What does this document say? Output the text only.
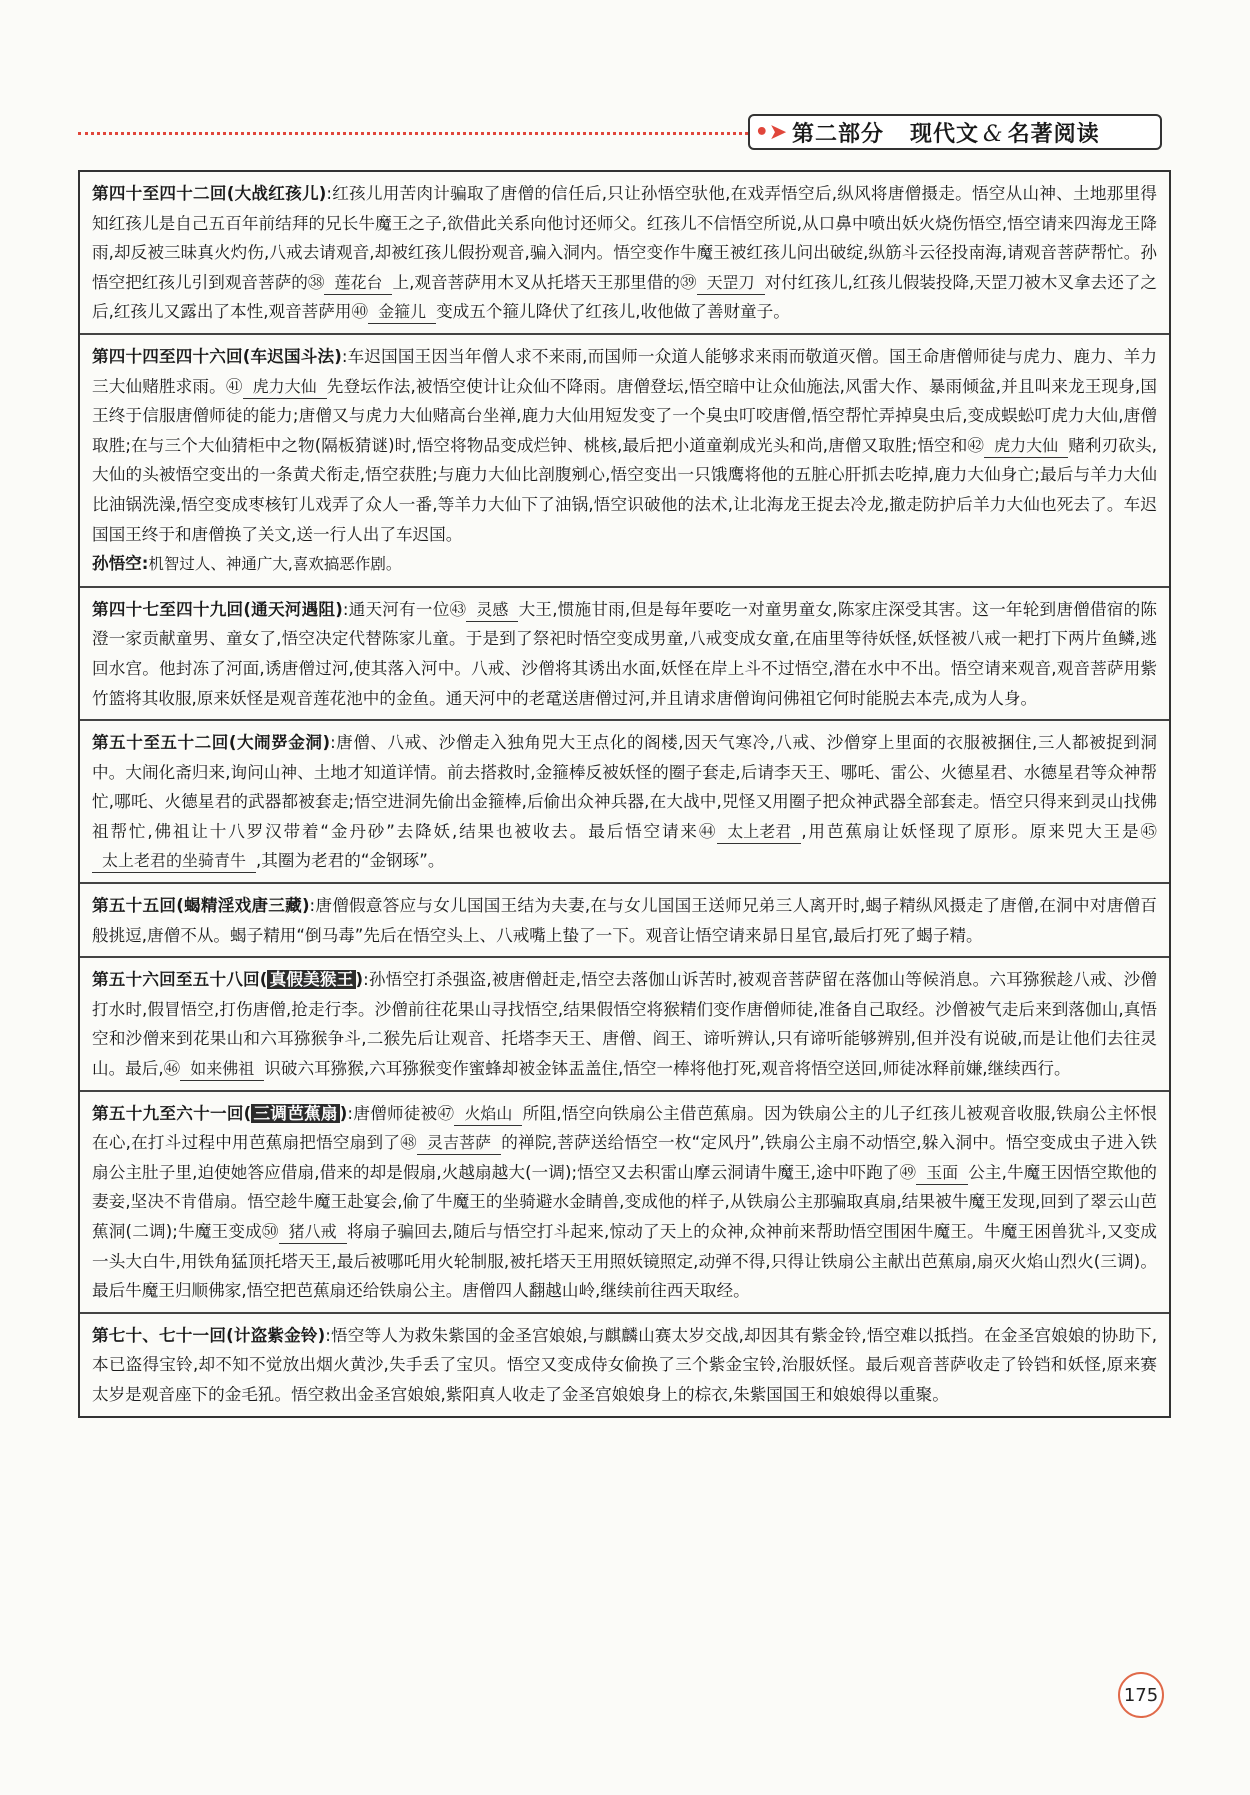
•➤ 第二部分 现代文 & 名著阅读
第四十至四十二回(大战红孩儿):红孩儿用苦肉计骗取了唐僧的信任后,只让孙悟空驮他,在戏弄悟空后,纵风将唐僧摄走。悟空从山神、土地那里得知红孩儿是自己五百年前结拜的兄长牛魔王之子,欲借此关系向他讨还师父。红孩儿不信悟空所说,从口鼻中喷出妖火烧伤悟空,悟空请来四海龙王降雨,却反被三昧真火灼伤,八戒去请观音,却被红孩儿假扮观音,骗入洞内。悟空变作牛魔王被红孩儿问出破绽,纵筋斗云径投南海,请观音菩萨帮忙。孙悟空把红孩儿引到观音菩萨的㊳ 莲花台 上,观音菩萨用木叉从托塔天王那里借的㊴ 天罡刀 对付红孩儿,红孩儿假装投降,天罡刀被木叉拿去还了之后,红孩儿又露出了本性,观音菩萨用㊵ 金箍儿 变成五个箍儿降伏了红孩儿,收他做了善财童子。
第四十四至四十六回(车迟国斗法):车迟国国王因当年僧人求不来雨,而国师一众道人能够求来雨而敬道灭僧。国王命唐僧师徒与虎力、鹿力、羊力三大仙赌胜求雨。㊶ 虎力大仙 先登坛作法,被悟空使计让众仙不降雨。唐僧登坛,悟空暗中让众仙施法,风雷大作、暴雨倾盆,并且叫来龙王现身,国王终于信服唐僧师徒的能力;唐僧又与虎力大仙赌高台坐禅,鹿力大仙用短发变了一个臭虫叮咬唐僧,悟空帮忙弄掉臭虫后,变成蜈蚣叮虎力大仙,唐僧取胜;在与三个大仙猜柜中之物(隔板猜谜)时,悟空将物品变成烂钟、桃核,最后把小道童剃成光头和尚,唐僧又取胜;悟空和㊷ 虎力大仙 赌利刃砍头,大仙的头被悟空变出的一条黄犬衔走,悟空获胜;与鹿力大仙比剖腹剜心,悟空变出一只饿鹰将他的五脏心肝抓去吃掉,鹿力大仙身亡;最后与羊力大仙比油锅洗澡,悟空变成枣核钉儿戏弄了众人一番,等羊力大仙下了油锅,悟空识破他的法术,让北海龙王捉去冷龙,撤走防护后羊力大仙也死去了。车迟国国王终于和唐僧换了关文,送一行人出了车迟国。
孙悟空:机智过人、神通广大,喜欢搞恶作剧。
第四十七至四十九回(通天河遇阻):通天河有一位㊸ 灵感 大王,惯施甘雨,但是每年要吃一对童男童女,陈家庄深受其害。这一年轮到唐僧借宿的陈澄一家贡献童男、童女了,悟空决定代替陈家儿童。于是到了祭祀时悟空变成男童,八戒变成女童,在庙里等待妖怪,妖怪被八戒一耙打下两片鱼鳞,逃回水宫。他封冻了河面,诱唐僧过河,使其落入河中。八戒、沙僧将其诱出水面,妖怪在岸上斗不过悟空,潜在水中不出。悟空请来观音,观音菩萨用紫竹篮将其收服,原来妖怪是观音莲花池中的金鱼。通天河中的老鼋送唐僧过河,并且请求唐僧询问佛祖它何时能脱去本壳,成为人身。
第五十至五十二回(大闹㖾金洞):唐僧、八戒、沙僧走入独角兕大王点化的阁楼,因天气寒冷,八戒、沙僧穿上里面的衣服被捆住,三人都被捉到洞中。大闹化斋归来,询问山神、土地才知道详情。前去搭救时,金箍棒反被妖怪的圈子套走,后请李天王、哪吒、雷公、火德星君、水德星君等众神帮忙,哪吒、火德星君的武器都被套走;悟空进洞先偷出金箍棒,后偷出众神兵器,在大战中,兕怪又用圈子把众神武器全部套走。悟空只得来到灵山找佛祖帮忙,佛祖让十八罗汉带着“金丹砂”去降妖,结果也被收去。最后悟空请来㊹ 太上老君 ,用芭蕉扇让妖怪现了原形。原来兕大王是㊺太上老君的坐骑青牛 ,其圈为老君的“金钢琢”。
第五十五回(蝎精淫戏唐三藏):唐僧假意答应与女儿国国王结为夫妻,在与女儿国国王送师兄弟三人离开时,蝎子精纵风摄走了唐僧,在洞中对唐僧百般挑逗,唐僧不从。蝎子精用“倒马毒”先后在悟空头上、八戒嘴上蛰了一下。观音让悟空请来昴日星官,最后打死了蝎子精。
第五十六回至五十八回( 真假美猴王 ):孙悟空打杀强盗,被唐僧赶走,悟空去落伽山诉苦时,被观音菩萨留在落伽山等候消息。六耳猕猴趁八戒、沙僧打水时,假冒悟空,打伤唐僧,抢走行李。沙僧前往花果山寻找悟空,结果假悟空将猴精们变作唐僧师徒,准备自己取经。沙僧被气走后来到落伽山,真悟空和沙僧来到花果山和六耳猕猴争斗,二猴先后让观音、托塔李天王、唐僧、阎王、谛听辨认,只有谛听能够辨别,但并没有说破,而是让他们去往灵山。最后,㊻ 如来佛祖 识破六耳猕猴,六耳猕猴变作蜜蜂却被金钵盂盖住,悟空一棒将他打死,观音将悟空送回,师徒冰释前嫌,继续西行。
第五十九至六十一回( 三调芭蕉扇 ):唐僧师徒被㊼ 火焰山 所阻,悟空向铁扇公主借芭蕉扇。因为铁扇公主的儿子红孩儿被观音收服,铁扇公主怀恨在心,在打斗过程中用芭蕉扇把悟空扇到了㊽ 灵吉菩萨 的禅院,菩萨送给悟空一枚“定风丹”,铁扇公主扇不动悟空,躲入洞中。悟空变成虫子进入铁扇公主肚子里,迫使她答应借扇,借来的却是假扇,火越扇越大(一调);悟空又去积雷山摩云洞请牛魔王,途中吓跑了㊾ 玉面 公主,牛魔王因悟空欺他的妻妾,坚决不肯借扇。悟空趁牛魔王赴宴会,偷了牛魔王的坐骑避水金睛兽,变成他的样子,从铁扇公主那骗取真扇,结果被牛魔王发现,回到了翠云山芭蕉洞(二调);牛魔王变成㊿ 猪八戒 将扇子骗回去,随后与悟空打斗起来,惊动了天上的众神,众神前来帮助悟空围困牛魔王。牛魔王困兽犹斗,又变成一头大白牛,用铁角猛顶托塔天王,最后被哪吒用火轮制服,被托塔天王用照妖镜照定,动弹不得,只得让铁扇公主献出芭蕉扇,扇灭火焰山烈火(三调)。最后牛魔王归顺佛家,悟空把芭蕉扇还给铁扇公主。唐僧四人翻越山岭,继续前往西天取经。
第七十、七十一回(计盗紫金铃):悟空等人为救朱紫国的金圣宫娘娘,与麒麟山赛太岁交战,却因其有紫金铃,悟空难以抵挡。在金圣宫娘娘的协助下,本已盗得宝铃,却不知不觉放出烟火黄沙,失手丢了宝贝。悟空又变成侍女偷换了三个紫金宝铃,治服妖怪。最后观音菩萨收走了铃铛和妖怪,原来赛太岁是观音座下的金毛犼。悟空救出金圣宫娘娘,紫阳真人收走了金圣宫娘娘身上的棕衣,朱紫国国王和娘娘得以重聚。
175
